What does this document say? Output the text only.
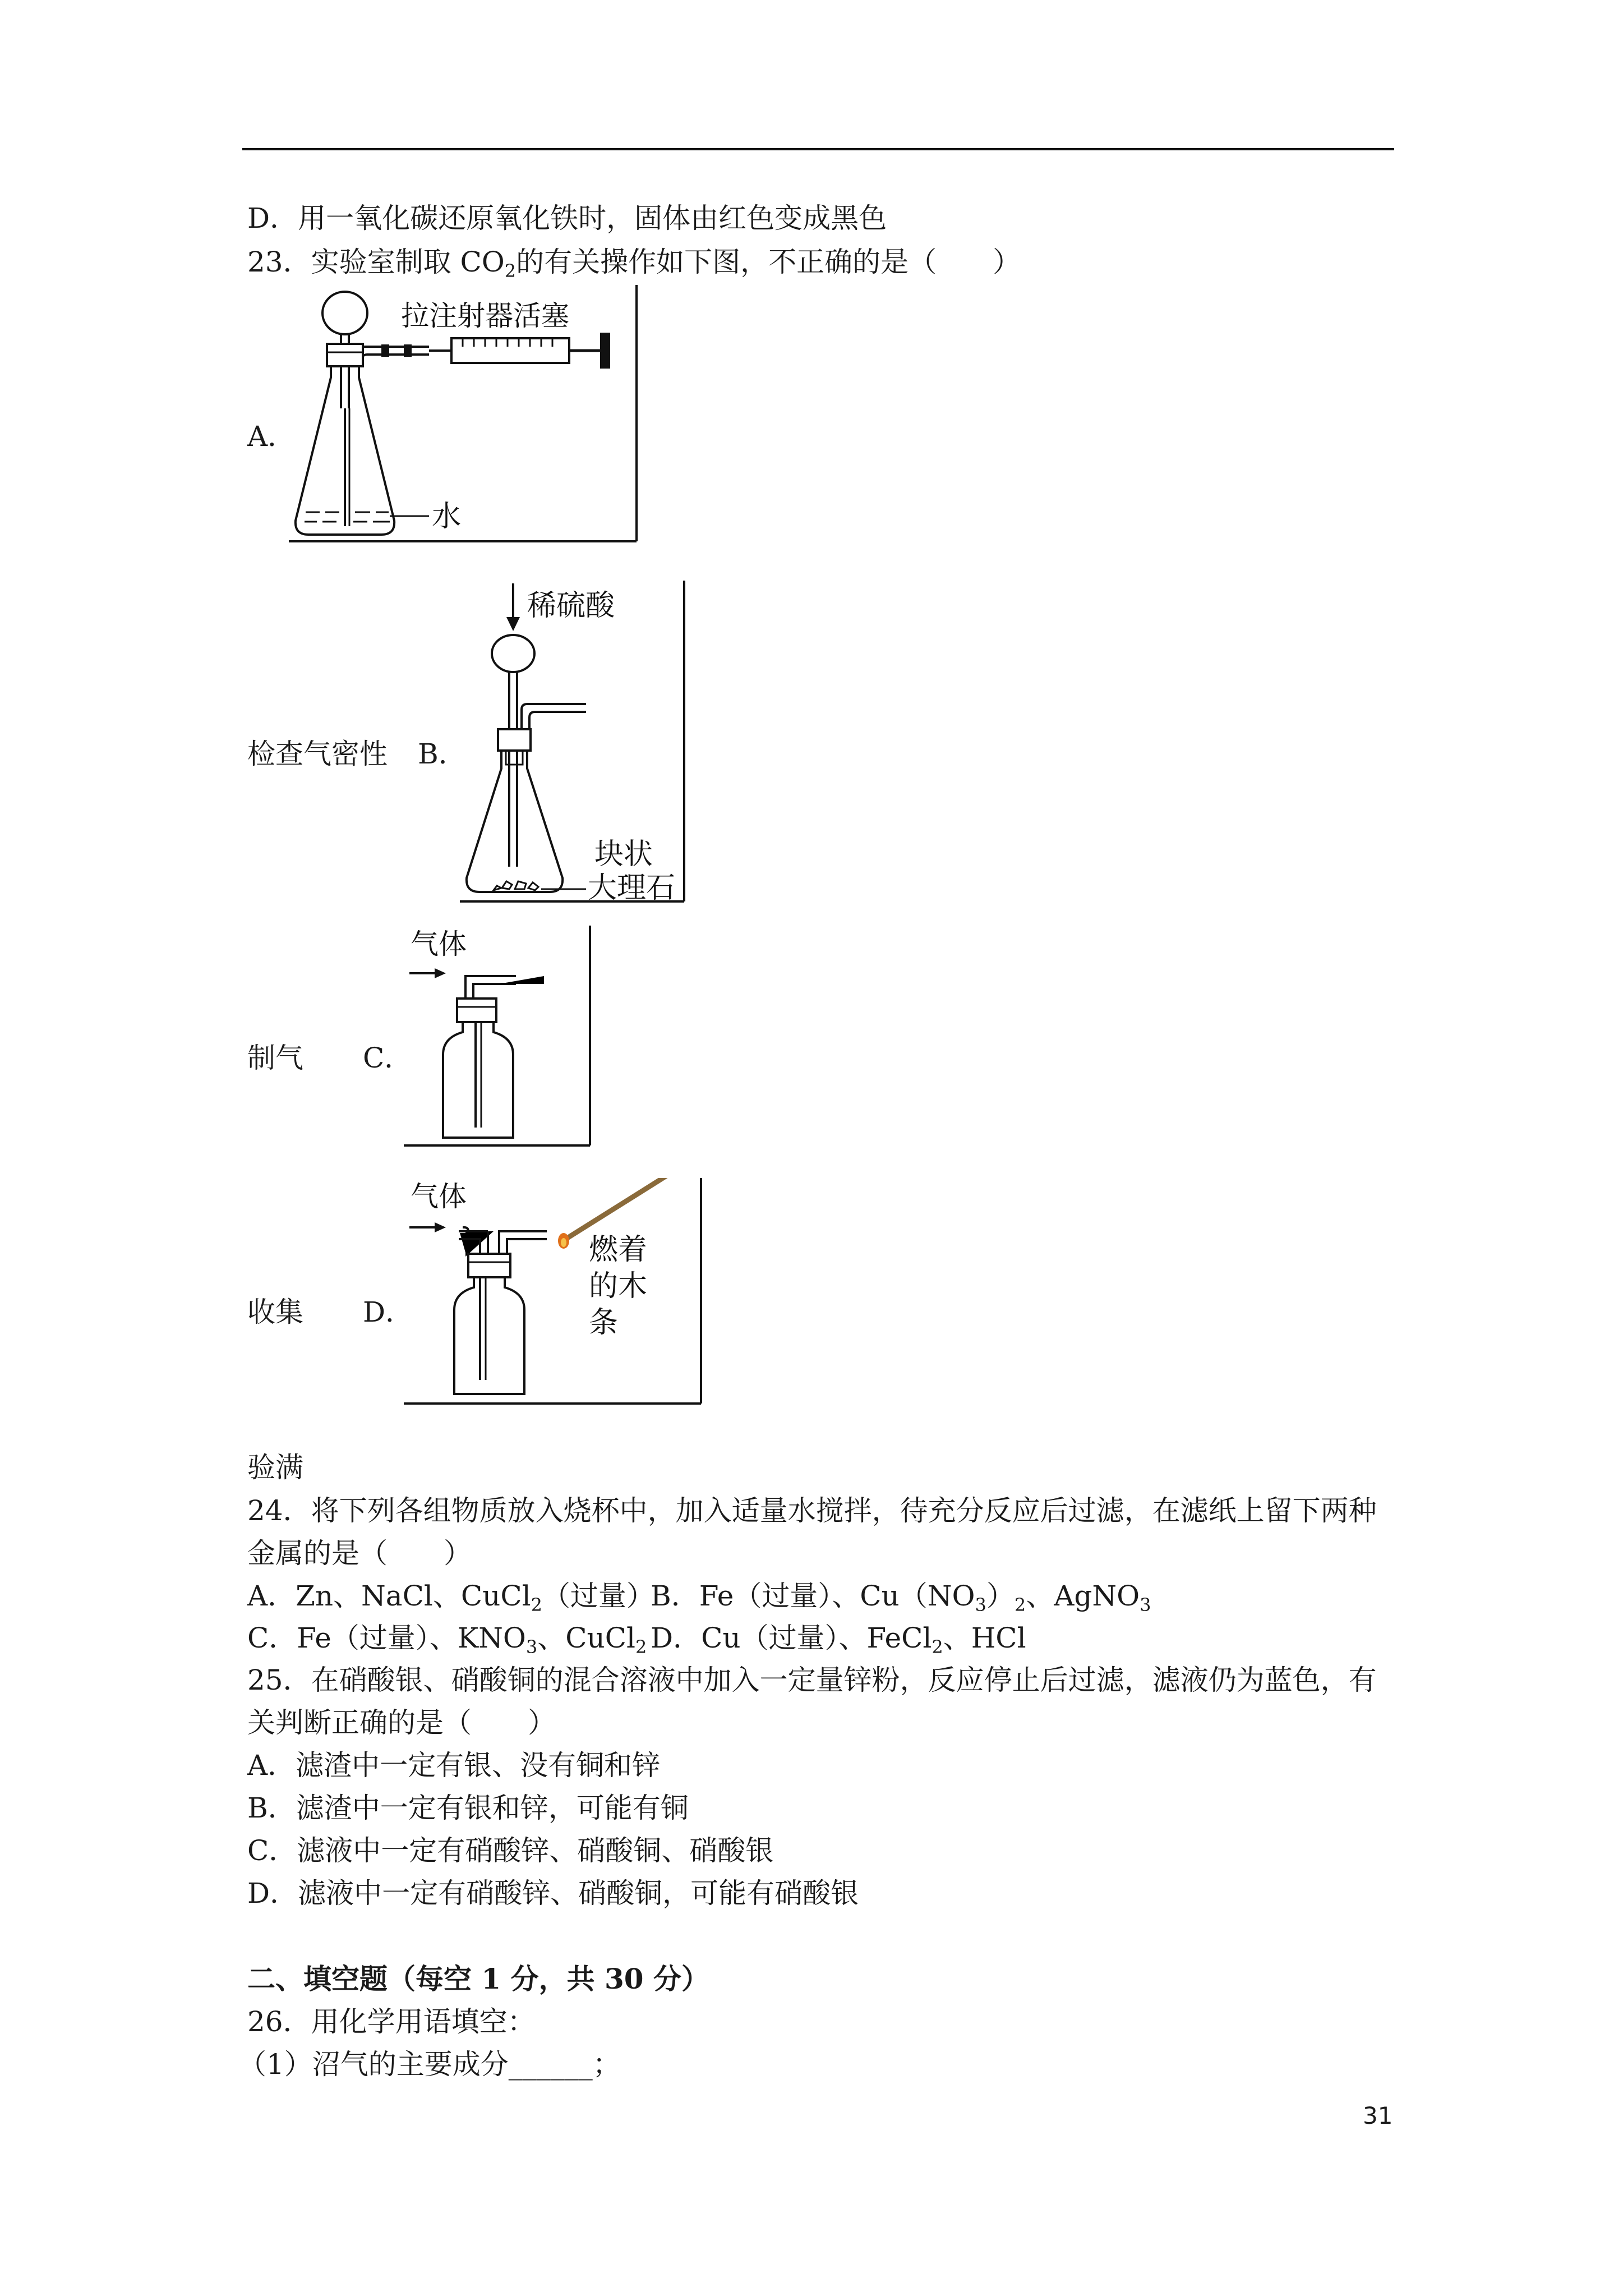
D．用一氧化碳还原氧化铁时，固体由红色变成黑色
23．实验室制取 $CO_2$的有关操作如下图，不正确的是（　　）
A．
拉注射器活塞
水
检查气密性 B．
稀硫酸
块状
大理石
制气 C．
气体
收集 D．
气体
燃着
的木
条
验满
24．将下列各组物质放入烧杯中，加入适量水搅拌，待充分反应后过滤，在滤纸上留下两种
金属的是（　　）
A．Zn、NaCl、CuCl$_2$（过量）
B．Fe（过量）、$Cu(NO_3)_2$、AgNO$_3$
C．Fe（过量）、$KNO_3$、CuCl$_2$ D．Cu（过量）、FeCl$_2$、HCl
25．在硝酸银、硝酸铜的混合溶液中加入一定量锌粉，反应停止后过滤，滤液仍为蓝色，有
关判断正确的是（　　）
A．滤渣中一定有银、没有铜和锌
B．滤渣中一定有银和锌，可能有铜
C．滤液中一定有硝酸锌、硝酸铜、硝酸银
D．滤液中一定有硝酸锌、硝酸铜，可能有硝酸银
二、填空题（每空 1 分，共 30 分）
26．用化学用语填空：
（1）沼气的主要成分______；
31
